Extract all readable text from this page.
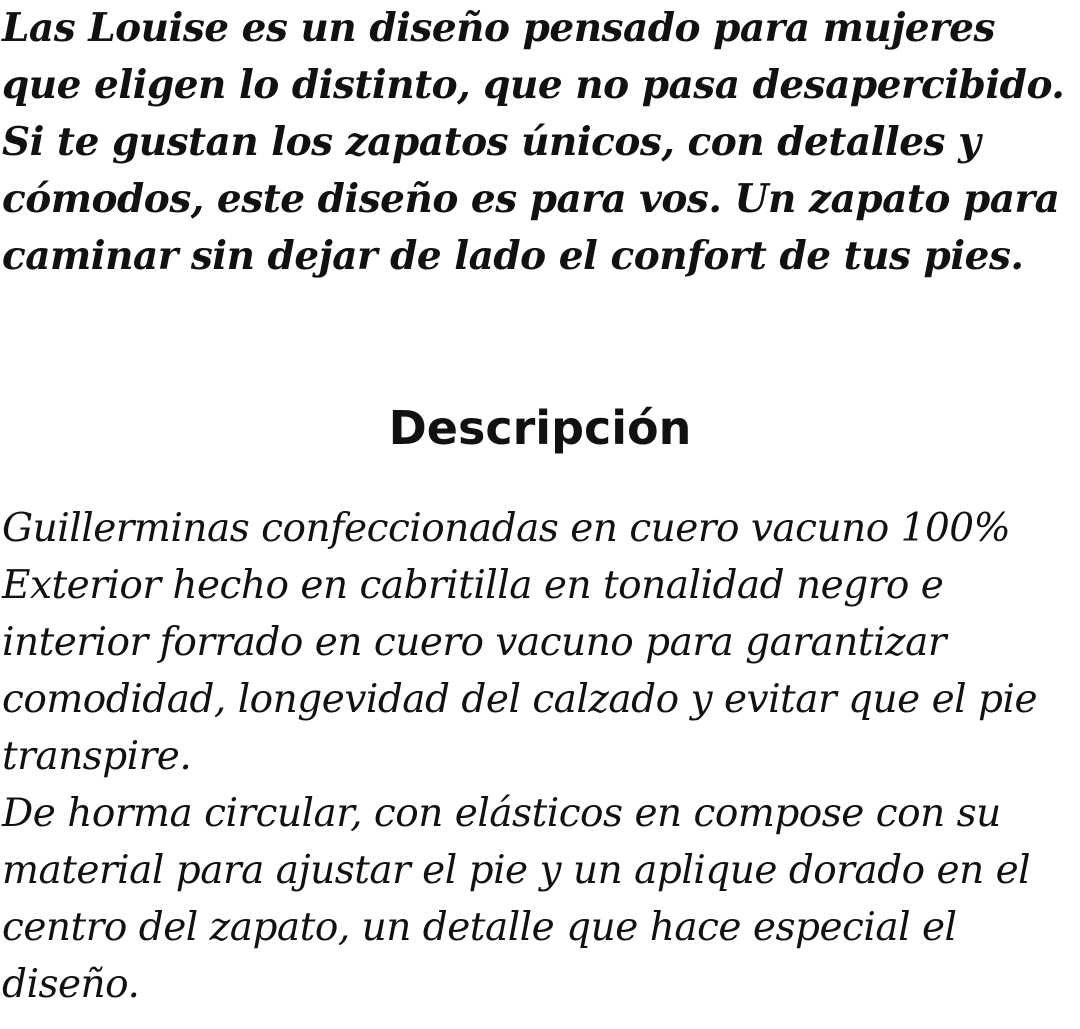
Las Louise es un diseño pensado para mujeres que eligen lo distinto, que no pasa desapercibido.

Si te gustan los zapatos únicos, con detalles y cómodos, este diseño es para vos. Un zapato para caminar sin dejar de lado el confort de tus pies.

Descripción

Guillerminas confeccionadas en cuero vacuno 100% Exterior hecho en cabritilla en tonalidad negro e interior forrado en cuero vacuno para garantizar comodidad, longevidad del calzado y evitar que el pie transpire.

De horma circular, con elásticos en compose con su material para ajustar el pie y un aplique dorado en el centro del zapato, un detalle que hace especial el diseño.
